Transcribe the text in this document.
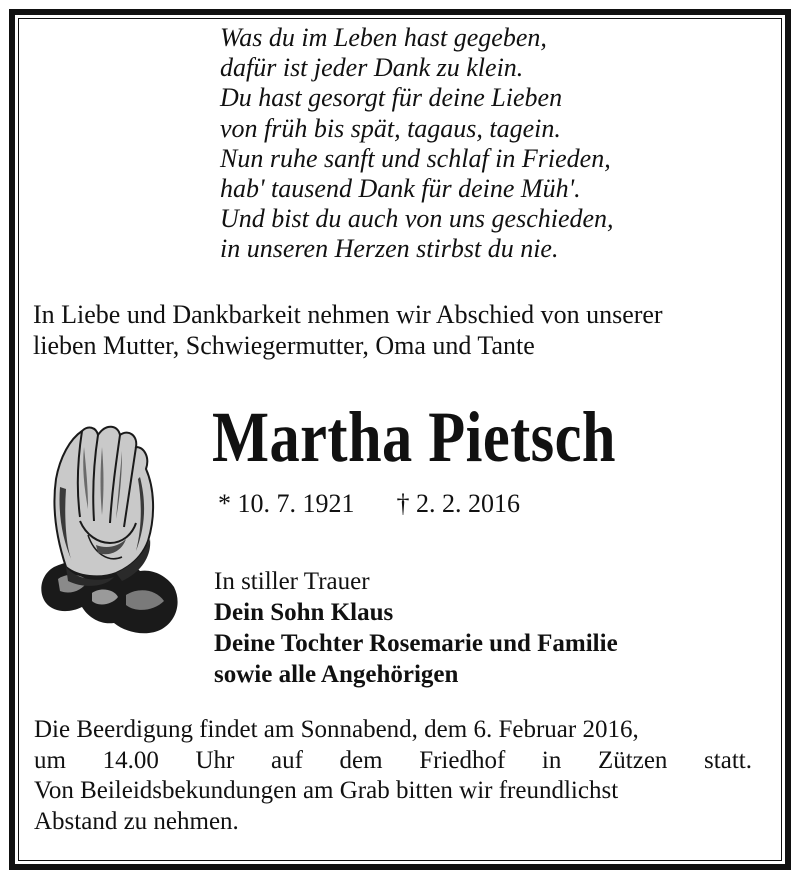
Was du im Leben hast gegeben,
dafür ist jeder Dank zu klein.
Du hast gesorgt für deine Lieben
von früh bis spät, tagaus, tagein.
Nun ruhe sanft und schlaf in Frieden,
hab' tausend Dank für deine Müh'.
Und bist du auch von uns geschieden,
in unseren Herzen stirbst du nie.
In Liebe und Dankbarkeit nehmen wir Abschied von unserer
lieben Mutter, Schwiegermutter, Oma und Tante
Martha Pietsch
* 10. 7. 1921 † 2. 2. 2016
In stiller Trauer
Dein Sohn Klaus
Deine Tochter Rosemarie und Familie
sowie alle Angehörigen
Die Beerdigung findet am Sonnabend, dem 6. Februar 2016,
um 14.00 Uhr auf dem Friedhof in Zützen statt.
Von Beileidsbekundungen am Grab bitten wir freundlichst
Abstand zu nehmen.
